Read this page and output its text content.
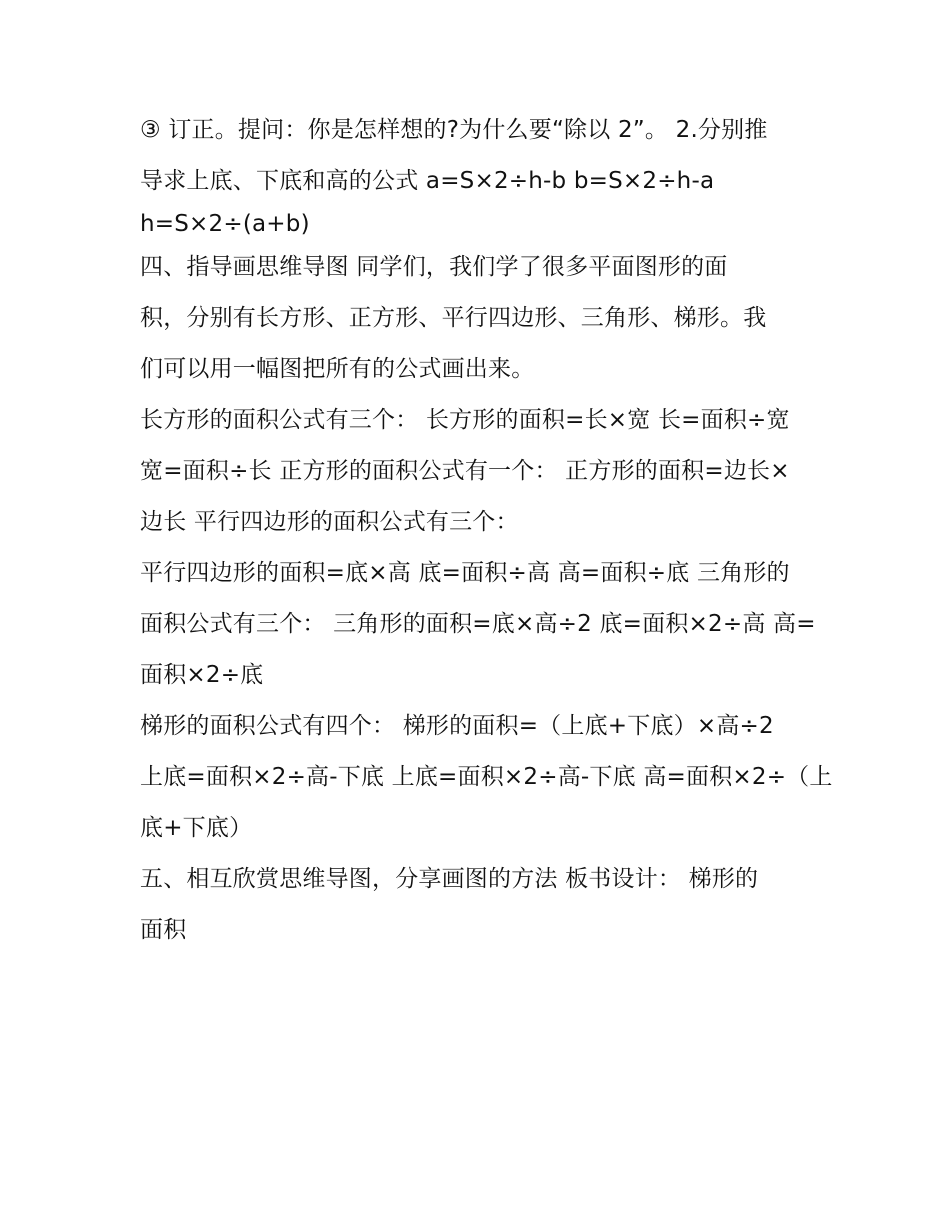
③ 订正。提问：你是怎样想的?为什么要“除以 2”。 2.分别推
导求上底、下底和高的公式 a=S×2÷h-b b=S×2÷h-a
h=S×2÷(a+b)
四、指导画思维导图 同学们，我们学了很多平面图形的面
积，分别有长方形、正方形、平行四边形、三角形、梯形。我
们可以用一幅图把所有的公式画出来。
长方形的面积公式有三个： 长方形的面积=长×宽 长=面积÷宽
宽=面积÷长 正方形的面积公式有一个： 正方形的面积=边长×
边长 平行四边形的面积公式有三个：
平行四边形的面积=底×高 底=面积÷高 高=面积÷底 三角形的
面积公式有三个： 三角形的面积=底×高÷2 底=面积×2÷高 高=
面积×2÷底
梯形的面积公式有四个： 梯形的面积=（上底+下底）×高÷2
上底=面积×2÷高-下底 上底=面积×2÷高-下底 高=面积×2÷（上
底+下底）
五、相互欣赏思维导图，分享画图的方法 板书设计： 梯形的
面积
